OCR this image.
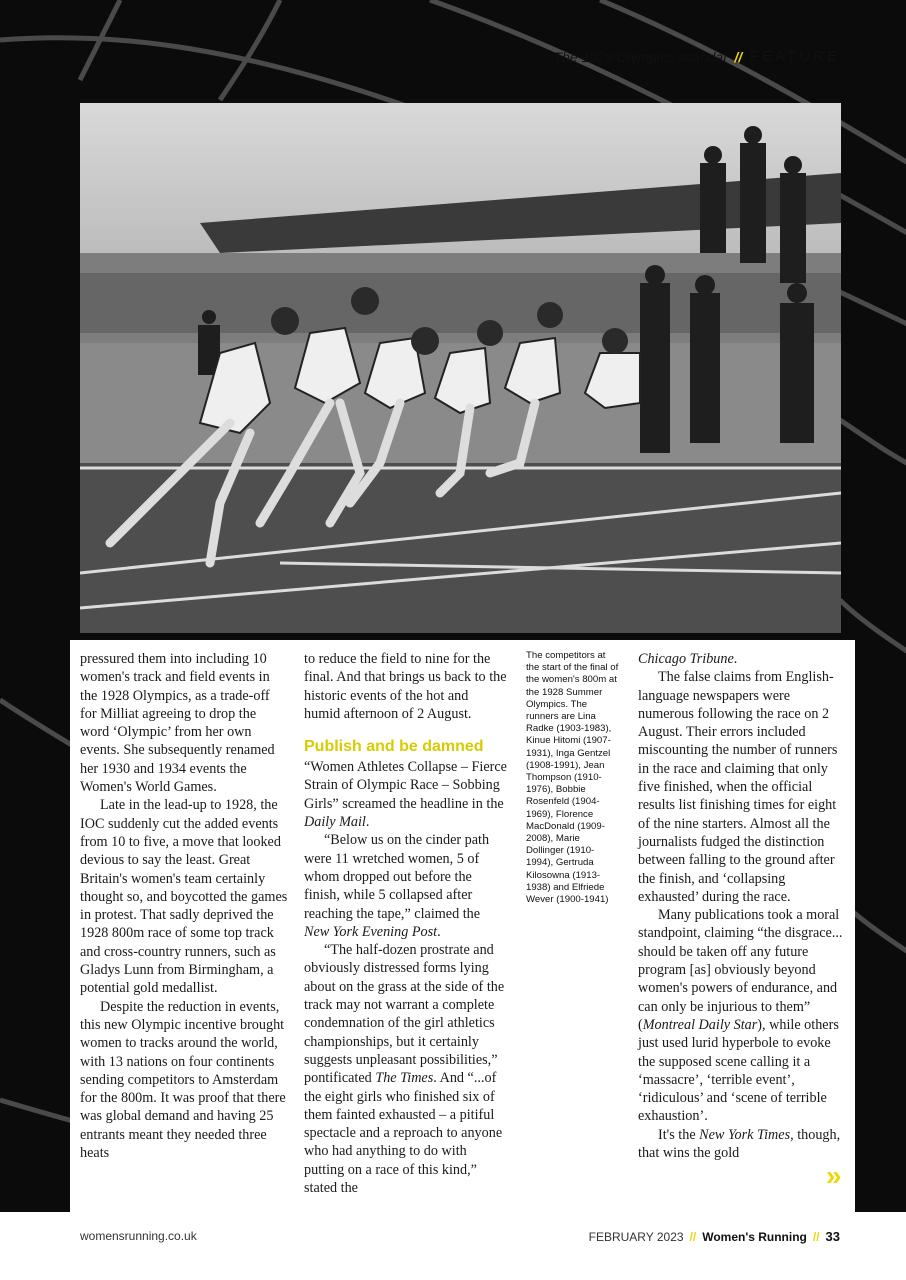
The 1928 Olympics scandal // FEATURE

pressured them into including 10 women's track and field events in the 1928 Olympics, as a trade-off for Milliat agreeing to drop the word ‘Olympic’ from her own events. She subsequently renamed her 1930 and 1934 events the Women's World Games.

Late in the lead-up to 1928, the IOC suddenly cut the added events from 10 to five, a move that looked devious to say the least. Great Britain's women's team certainly thought so, and boycotted the games in protest. That sadly deprived the 1928 800m race of some top track and cross-country runners, such as Gladys Lunn from Birmingham, a potential gold medallist.

Despite the reduction in events, this new Olympic incentive brought women to tracks around the world, with 13 nations on four continents sending competitors to Amsterdam for the 800m. It was proof that there was global demand and having 25 entrants meant they needed three heats

to reduce the field to nine for the final. And that brings us back to the historic events of the hot and humid afternoon of 2 August.

Publish and be damned

“Women Athletes Collapse – Fierce Strain of Olympic Race – Sobbing Girls” screamed the headline in the Daily Mail.

“Below us on the cinder path were 11 wretched women, 5 of whom dropped out before the finish, while 5 collapsed after reaching the tape,” claimed the New York Evening Post.

“The half-dozen prostrate and obviously distressed forms lying about on the grass at the side of the track may not warrant a complete condemnation of the girl athletics championships, but it certainly suggests unpleasant possibilities,” pontificated The Times. And “...of the eight girls who finished six of them fainted exhausted – a pitiful spectacle and a reproach to anyone who had anything to do with putting on a race of this kind,” stated the

The competitors at the start of the final of the women's 800m at the 1928 Summer Olympics. The runners are Lina Radke (1903-1983), Kinue Hitomi (1907-1931), Inga Gentzel (1908-1991), Jean Thompson (1910-1976), Bobbie Rosenfeld (1904-1969), Florence MacDonald (1909-2008), Marie Dollinger (1910-1994), Gertruda Kilosowna (1913-1938) and Elfriede Wever (1900-1941)

Chicago Tribune.

The false claims from English-language newspapers were numerous following the race on 2 August. Their errors included miscounting the number of runners in the race and claiming that only five finished, when the official results list finishing times for eight of the nine starters. Almost all the journalists fudged the distinction between falling to the ground after the finish, and ‘collapsing exhausted’ during the race.

Many publications took a moral standpoint, claiming “the disgrace... should be taken off any future program [as] obviously beyond women's powers of endurance, and can only be injurious to them” (Montreal Daily Star), while others just used lurid hyperbole to evoke the supposed scene calling it a ‘massacre’, ‘terrible event’, ‘ridiculous’ and ‘scene of terrible exhaustion’.

It's the New York Times, though, that wins the gold

»
womensrunning.co.uk	FEBRUARY 2023 // Women's Running // 33
